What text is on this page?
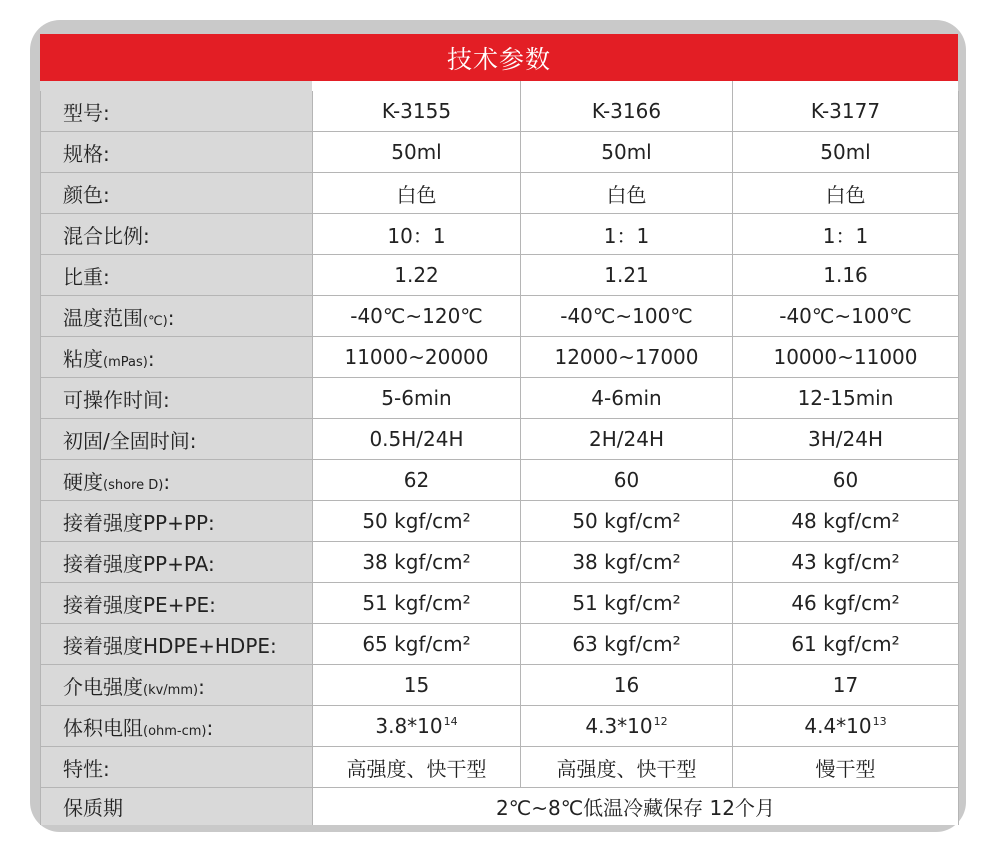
技术参数
型号:	K-3155	K-3166	K-3177
规格:	50ml	50ml	50ml
颜色:	白色	白色	白色
混合比例:	10：1	1：1	1：1
比重:	1.22	1.21	1.16
温度范围(℃):	-40℃~120℃	-40℃~100℃	-40℃~100℃
粘度(mPas):	11000~20000	12000~17000	10000~11000
可操作时间:	5-6min	4-6min	12-15min
初固/全固时间:	0.5H/24H	2H/24H	3H/24H
硬度(shore D):	62	60	60
接着强度PP+PP:	50 kgf/cm²	50 kgf/cm²	48 kgf/cm²
接着强度PP+PA:	38 kgf/cm²	38 kgf/cm²	43 kgf/cm²
接着强度PE+PE:	51 kgf/cm²	51 kgf/cm²	46 kgf/cm²
接着强度HDPE+HDPE:	65 kgf/cm²	63 kgf/cm²	61 kgf/cm²
介电强度(kv/mm):	15	16	17
体积电阻(ohm-cm):	$3.8*10^{14}$	$4.3*10^{12}$	$4.4*10^{13}$
特性:	高强度、快干型	高强度、快干型	慢干型
保质期	2℃~8℃低温冷藏保存 12个月		
